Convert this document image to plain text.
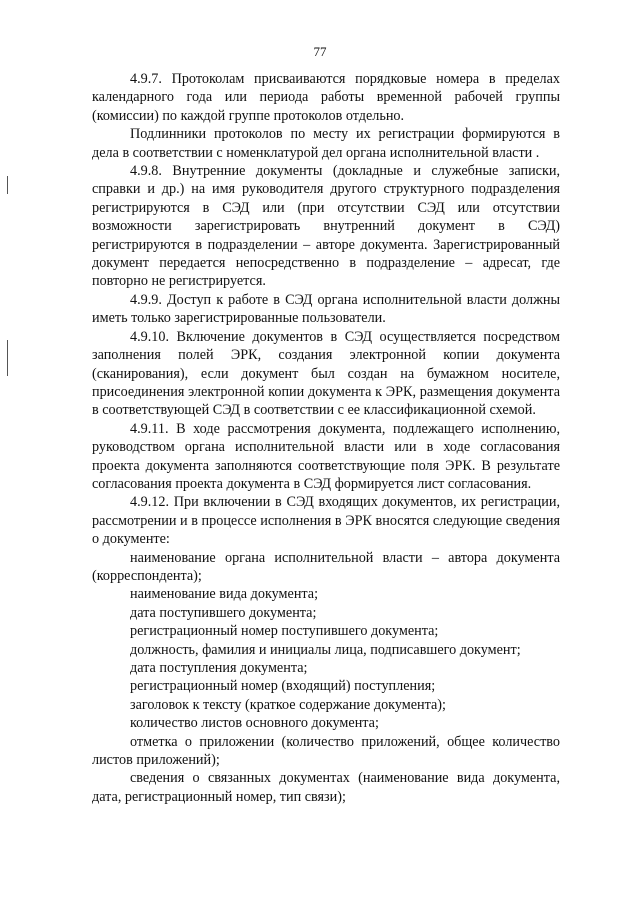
77

4.9.7. Протоколам присваиваются порядковые номера в пределах календарного года или периода работы временной рабочей группы (комиссии) по каждой группе протоколов отдельно.

Подлинники протоколов по месту их регистрации формируются в дела в соответствии с номенклатурой дел органа исполнительной власти .

4.9.8. Внутренние документы (докладные и служебные записки, справки и др.) на имя руководителя другого структурного подразделения регистрируются в СЭД или (при отсутствии СЭД или отсутствии возможности зарегистрировать внутренний документ в СЭД) регистрируются в подразделении – авторе документа. Зарегистрированный документ передается непосредственно в подразделение – адресат, где повторно не регистрируется.

4.9.9. Доступ к работе в СЭД органа исполнительной власти должны иметь только зарегистрированные пользователи.

4.9.10. Включение документов в СЭД осуществляется посредством заполнения полей ЭРК, создания электронной копии документа (сканирования), если документ был создан на бумажном носителе, присоединения электронной копии документа к ЭРК, размещения документа в соответствующей СЭД в соответствии с ее классификационной схемой.

4.9.11. В ходе рассмотрения документа, подлежащего исполнению, руководством органа исполнительной власти или в ходе согласования проекта документа заполняются соответствующие поля ЭРК. В результате согласования проекта документа в СЭД формируется лист согласования.

4.9.12. При включении в СЭД входящих документов, их регистрации, рассмотрении и в процессе исполнения в ЭРК вносятся следующие сведения о документе:

наименование органа исполнительной власти – автора документа (корреспондента);

наименование вида документа;

дата поступившего документа;

регистрационный номер поступившего документа;

должность, фамилия и инициалы лица, подписавшего документ;

дата поступления документа;

регистрационный номер (входящий) поступления;

заголовок к тексту (краткое содержание документа);

количество листов основного документа;

отметка о приложении (количество приложений, общее количество листов приложений);

сведения о связанных документах (наименование вида документа, дата, регистрационный номер, тип связи);
